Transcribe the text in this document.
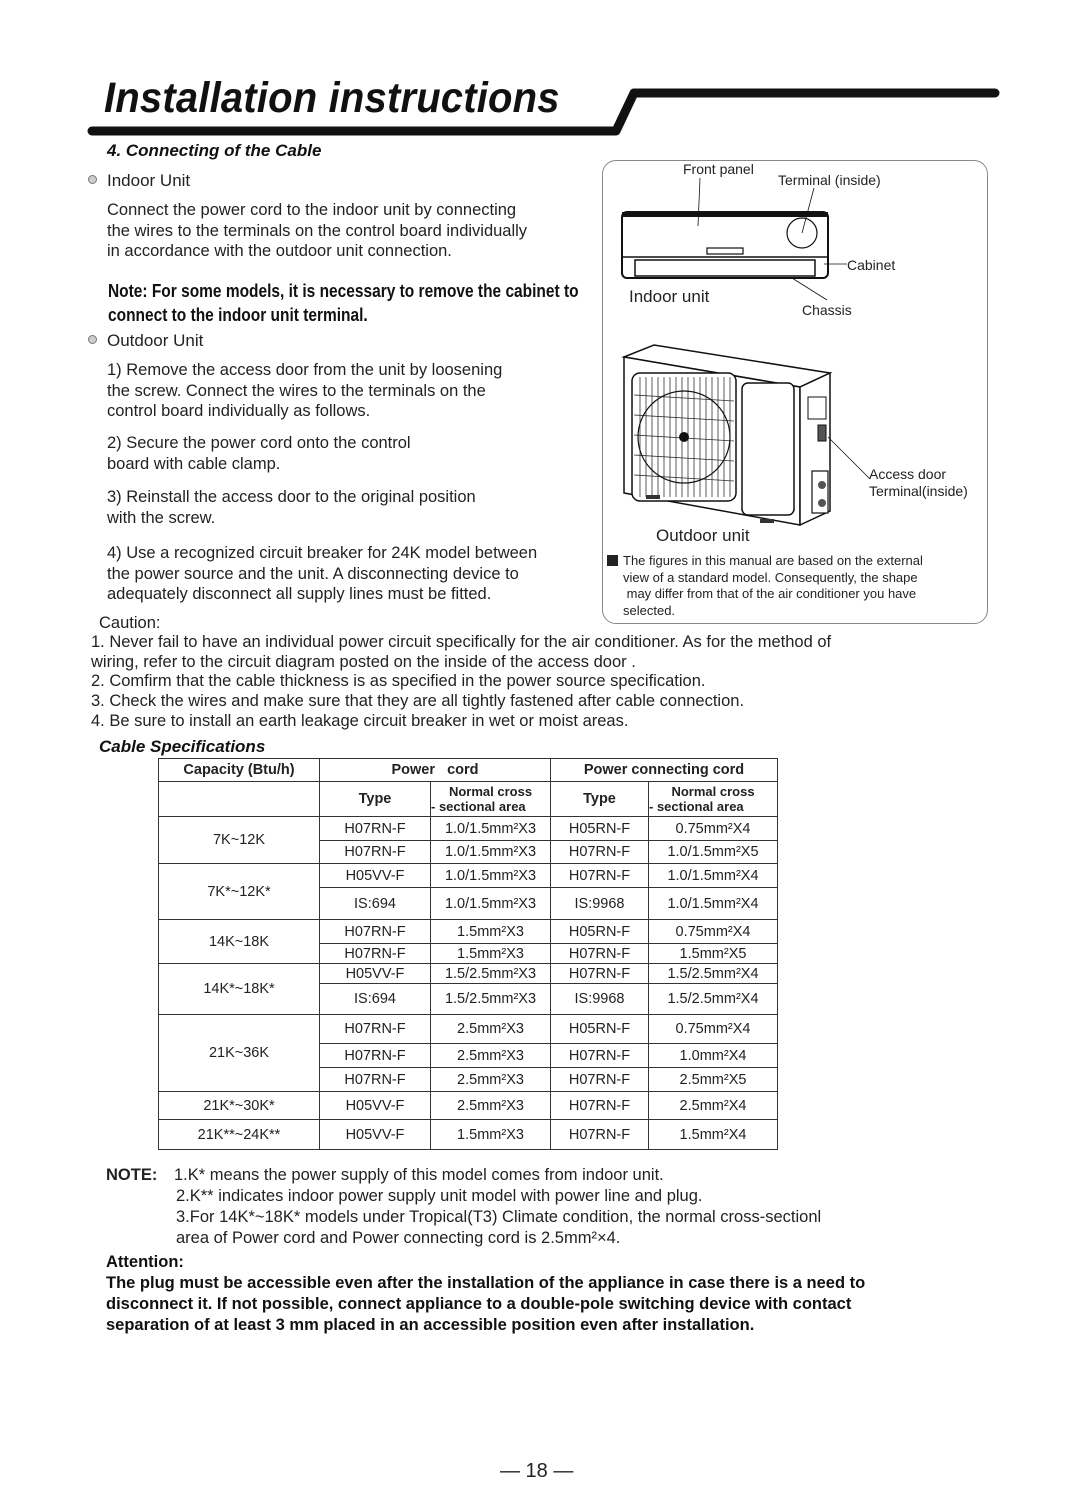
Installation instructions
4. Connecting of the Cable
Indoor Unit
Connect the power cord to the indoor unit by connecting
the wires to the terminals on the control board individually
in accordance with the outdoor unit connection.
Note: For some models, it is necessary to remove the cabinet to
connect to the indoor unit terminal.
Outdoor Unit
1) Remove the access door from the unit by loosening
the screw. Connect the wires to the terminals on the
control board individually as follows.
2) Secure the power cord onto the control
board with cable clamp.
3) Reinstall the access door to the original position
with the screw.
4) Use a recognized circuit breaker for 24K model between
the power source and the unit. A disconnecting device to
adequately disconnect all supply lines must be fitted.
Front panel
Terminal (inside)
Cabinet
Chassis
Indoor unit
Access door
Terminal(inside)
Outdoor unit
The figures in this manual are based on the external
view of a standard model. Consequently, the shape
may differ from that of the air conditioner you have
selected.
Caution:
1. Never fail to have an individual power circuit specifically for the air conditioner. As for the method of
wiring, refer to the circuit diagram posted on the inside of the access door .
2. Comfirm that the cable thickness is as specified in the power source specification.
3. Check the wires and make sure that they are all tightly fastened after cable connection.
4. Be sure to install an earth leakage circuit breaker in wet or moist areas.
Cable Specifications
Capacity (Btu/h)	Power   cord		Power connecting cord	
	Type	Normal cross
- sectional area	Type	Normal cross
- sectional area

7K~12K	H07RN-F	1.0/1.5mm²X3	H05RN-F	0.75mm²X4
	H07RN-F	1.0/1.5mm²X3	H07RN-F	1.0/1.5mm²X5
7K*~12K*	H05VV-F	1.0/1.5mm²X3	H07RN-F	1.0/1.5mm²X4
	IS:694	1.0/1.5mm²X3	IS:9968	1.0/1.5mm²X4
14K~18K	H07RN-F	1.5mm²X3	H05RN-F	0.75mm²X4
	H07RN-F	1.5mm²X3	H07RN-F	1.5mm²X5
14K*~18K*	H05VV-F	1.5/2.5mm²X3	H07RN-F	1.5/2.5mm²X4
	IS:694	1.5/2.5mm²X3	IS:9968	1.5/2.5mm²X4
21K~36K	H07RN-F	2.5mm²X3	H05RN-F	0.75mm²X4
	H07RN-F	2.5mm²X3	H07RN-F	1.0mm²X4
	H07RN-F	2.5mm²X3	H07RN-F	2.5mm²X5
21K*~30K*	H05VV-F	2.5mm²X3	H07RN-F	2.5mm²X4
21K**~24K**	H05VV-F	1.5mm²X3	H07RN-F	1.5mm²X4
NOTE: 1.K* means the power supply of this model comes from indoor unit.
2.K** indicates indoor power supply unit model with power line and plug.
3.For 14K*~18K* models under Tropical(T3) Climate condition, the normal cross-sectionl
area of Power cord and Power connecting cord is 2.5mm²×4.
Attention:
The plug must be accessible even after the installation of the appliance in case there is a need to
disconnect it. If not possible, connect appliance to a double-pole switching device with contact
separation of at least 3 mm placed in an accessible position even after installation.
— 18 —
